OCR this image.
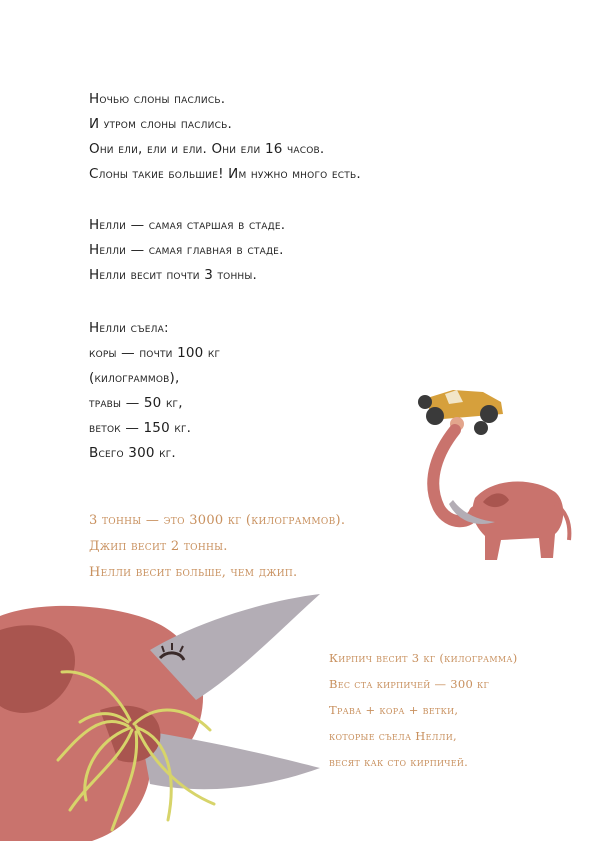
Ночью слоны паслись.
И утром слоны паслись.
Они ели, ели и ели. Они ели 16 часов.
Слоны такие большие! Им нужно много есть.
Нелли — самая старшая в стаде.
Нелли — самая главная в стаде.
Нелли весит почти 3 тонны.
Нелли съела:
коры — почти 100 кг
(килограммов),
травы — 50 кг,
веток — 150 кг.
Всего 300 кг.
3 тонны — это 3000 кг (килограммов).
Джип весит 2 тонны.
Нелли весит больше, чем джип.
Кирпич весит 3 кг (килограмма)
Вес ста кирпичей — 300 кг
Трава + кора + ветки,
которые съела Нелли,
весят как сто кирпичей.
